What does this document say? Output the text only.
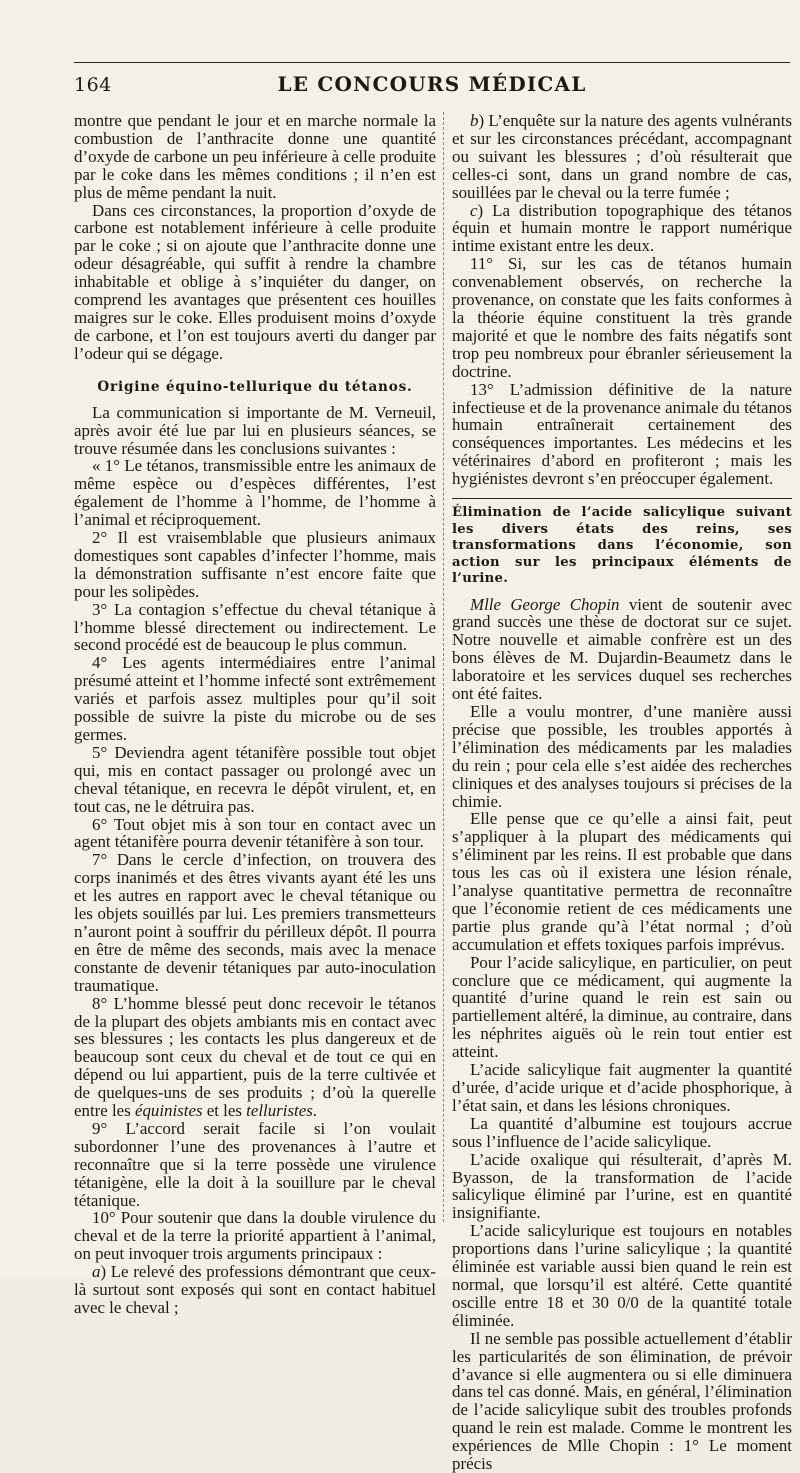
164	LE CONCOURS MÉDICAL

montre que pendant le jour et en marche normale la combustion de l’anthracite donne une quantité d’oxyde de carbone un peu inférieure à celle produite par le coke dans les mêmes conditions ; il n’en est plus de même pendant la nuit.

Dans ces circonstances, la proportion d’oxyde de carbone est notablement inférieure à celle produite par le coke ; si on ajoute que l’anthracite donne une odeur désagréable, qui suffit à rendre la chambre inhabitable et oblige à s’inquiéter du danger, on comprend les avantages que présentent ces houilles maigres sur le coke. Elles produisent moins d’oxyde de carbone, et l’on est toujours averti du danger par l’odeur qui se dégage.

Origine équino-tellurique du tétanos.

La communication si importante de M. Verneuil, après avoir été lue par lui en plusieurs séances, se trouve résumée dans les conclusions suivantes :

« 1° Le tétanos, transmissible entre les animaux de même espèce ou d’espèces différentes, l’est également de l’homme à l’homme, de l’homme à l’animal et réciproquement.

2° Il est vraisemblable que plusieurs animaux domestiques sont capables d’infecter l’homme, mais la démonstration suffisante n’est encore faite que pour les solipèdes.

3° La contagion s’effectue du cheval tétanique à l’homme blessé directement ou indirectement. Le second procédé est de beaucoup le plus commun.

4° Les agents intermédiaires entre l’animal présumé atteint et l’homme infecté sont extrêmement variés et parfois assez multiples pour qu’il soit possible de suivre la piste du microbe ou de ses germes.

5° Deviendra agent tétanifère possible tout objet qui, mis en contact passager ou prolongé avec un cheval tétanique, en recevra le dépôt virulent, et, en tout cas, ne le détruira pas.

6° Tout objet mis à son tour en contact avec un agent tétanifère pourra devenir tétanifère à son tour.

7° Dans le cercle d’infection, on trouvera des corps inanimés et des êtres vivants ayant été les uns et les autres en rapport avec le cheval tétanique ou les objets souillés par lui. Les premiers transmetteurs n’auront point à souffrir du périlleux dépôt. Il pourra en être de même des seconds, mais avec la menace constante de devenir tétaniques par auto-inoculation traumatique.

8° L’homme blessé peut donc recevoir le tétanos de la plupart des objets ambiants mis en contact avec ses blessures ; les contacts les plus dangereux et de beaucoup sont ceux du cheval et de tout ce qui en dépend ou lui appartient, puis de la terre cultivée et de quelques-uns de ses produits ; d’où la querelle entre les équinistes et les telluristes.

9° L’accord serait facile si l’on voulait subordonner l’une des provenances à l’autre et reconnaître que si la terre possède une virulence tétanigène, elle la doit à la souillure par le cheval tétanique.

10° Pour soutenir que dans la double virulence du cheval et de la terre la priorité appartient à l’animal, on peut invoquer trois arguments principaux :

a) Le relevé des professions démontrant que ceux-là surtout sont exposés qui sont en contact habituel avec le cheval ;

b) L’enquête sur la nature des agents vulnérants et sur les circonstances précédant, accompagnant ou suivant les blessures ; d’où résulterait que celles-ci sont, dans un grand nombre de cas, souillées par le cheval ou la terre fumée ;

c) La distribution topographique des tétanos équin et humain montre le rapport numérique intime existant entre les deux.

11° Si, sur les cas de tétanos humain convenablement observés, on recherche la provenance, on constate que les faits conformes à la théorie équine constituent la très grande majorité et que le nombre des faits négatifs sont trop peu nombreux pour ébranler sérieusement la doctrine.

13° L’admission définitive de la nature infectieuse et de la provenance animale du tétanos humain entraînerait certainement des conséquences importantes. Les médecins et les vétérinaires d’abord en profiteront ; mais les hygiénistes devront s’en préoccuper également.

Élimination de l’acide salicylique suivant les divers états des reins, ses transformations dans l’économie, son action sur les principaux éléments de l’urine.

Mlle George Chopin vient de soutenir avec grand succès une thèse de doctorat sur ce sujet. Notre nouvelle et aimable confrère est un des bons élèves de M. Dujardin-Beaumetz dans le laboratoire et les services duquel ses recherches ont été faites.

Elle a voulu montrer, d’une manière aussi précise que possible, les troubles apportés à l’élimination des médicaments par les maladies du rein ; pour cela elle s’est aidée des recherches cliniques et des analyses toujours si précises de la chimie.

Elle pense que ce qu’elle a ainsi fait, peut s’appliquer à la plupart des médicaments qui s’éliminent par les reins. Il est probable que dans tous les cas où il existera une lésion rénale, l’analyse quantitative permettra de reconnaître que l’économie retient de ces médicaments une partie plus grande qu’à l’état normal ; d’où accumulation et effets toxiques parfois imprévus.

Pour l’acide salicylique, en particulier, on peut conclure que ce médicament, qui augmente la quantité d’urine quand le rein est sain ou partiellement altéré, la diminue, au contraire, dans les néphrites aiguës où le rein tout entier est atteint.

L’acide salicylique fait augmenter la quantité d’urée, d’acide urique et d’acide phosphorique, à l’état sain, et dans les lésions chroniques.

La quantité d’albumine est toujours accrue sous l’influence de l’acide salicylique.

L’acide oxalique qui résulterait, d’après M. Byasson, de la transformation de l’acide salicylique éliminé par l’urine, est en quantité insignifiante.

L’acide salicylurique est toujours en notables proportions dans l’urine salicylique ; la quantité éliminée est variable aussi bien quand le rein est normal, que lorsqu’il est altéré. Cette quantité oscille entre 18 et 30 0/0 de la quantité totale éliminée.

Il ne semble pas possible actuellement d’établir les particularités de son élimination, de prévoir d’avance si elle augmentera ou si elle diminuera dans tel cas donné. Mais, en général, l’élimination de l’acide salicylique subit des troubles profonds quand le rein est malade. Comme le montrent les expériences de Mlle Chopin : 1° Le moment précis
